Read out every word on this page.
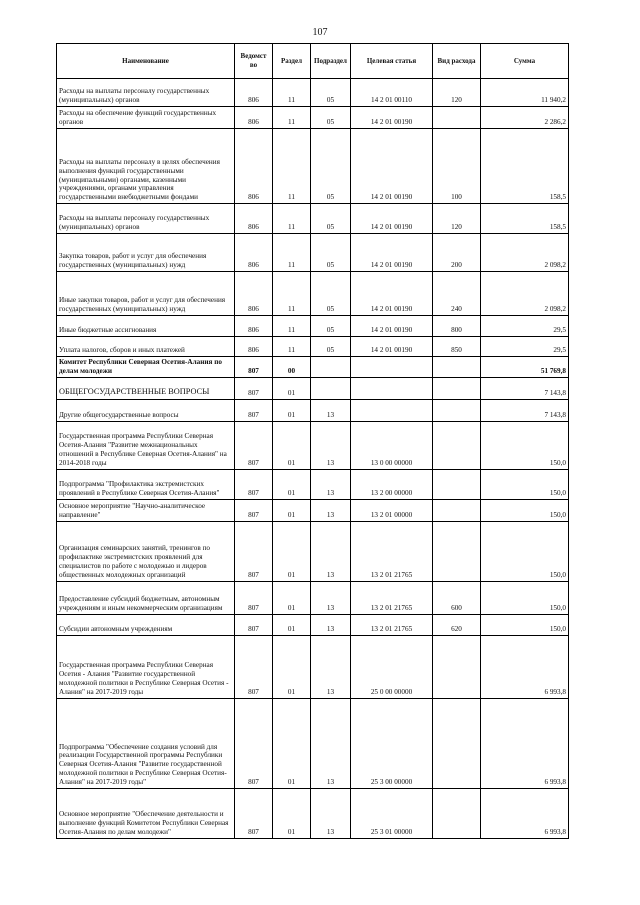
107
Наименование	Ведомст во	Раздел	Подраздел	Целевая статья	Вид расхода	Сумма
Расходы на выплаты персоналу государственных (муниципальных) органов	806	11	05	14 2 01 00110	120	11 940,2
Расходы на обеспечение функций государственных органов	806	11	05	14 2 01 00190		2 286,2
Расходы на выплаты персоналу в целях обеспечения выполнения функций государственными (муниципальными) органами, казенными учреждениями, органами управления государственными внебюджетными фондами	806	11	05	14 2 01 00190	100	158,5
Расходы на выплаты персоналу государственных (муниципальных) органов	806	11	05	14 2 01 00190	120	158,5
Закупка товаров, работ и услуг для обеспечения государственных (муниципальных) нужд	806	11	05	14 2 01 00190	200	2 098,2
Иные закупки товаров, работ и услуг для обеспечения государственных (муниципальных) нужд	806	11	05	14 2 01 00190	240	2 098,2
Иные бюджетные ассигнования	806	11	05	14 2 01 00190	800	29,5
Уплата налогов, сборов и иных платежей	806	11	05	14 2 01 00190	850	29,5
Комитет Республики Северная Осетия-Алания по делам молодежи	807	00				51 769,8
ОБЩЕГОСУДАРСТВЕННЫЕ ВОПРОСЫ	807	01				7 143,8
Другие общегосударственные вопросы	807	01	13			7 143,8
Государственная программа Республики Северная Осетия-Алания "Развитие межнациональных отношений в Республике Северная Осетия-Алания" на 2014-2018 годы	807	01	13	13 0 00 00000		150,0
Подпрограмма "Профилактика экстремистских проявлений в Республике Северная Осетия-Алания"	807	01	13	13 2 00 00000		150,0
Основное мероприятие "Научно-аналитическое направление"	807	01	13	13 2 01 00000		150,0
Организация семинарских занятий, тренингов по профилактике экстремистских проявлений для специалистов по работе с молодежью и лидеров общественных молодежных организаций	807	01	13	13 2 01 21765		150,0
Предоставление субсидий бюджетным, автономным учреждениям и иным некоммерческим организациям	807	01	13	13 2 01 21765	600	150,0
Субсидии автономным учреждениям	807	01	13	13 2 01 21765	620	150,0
Государственная программа Республики Северная Осетия - Алания "Развитие государственной молодежной политики в Республике Северная Осетия - Алания" на 2017-2019 годы	807	01	13	25 0 00 00000		6 993,8
Подпрограмма "Обеспечение создания условий для реализации Государственной программы Республики Северная Осетия-Алания "Развитие государственной молодежной политики в Республике Северная Осетия-Алания" на 2017-2019 годы"	807	01	13	25 3 00 00000		6 993,8
Основное мероприятие "Обеспечение деятельности и выполнение функций Комитетом Республики Северная Осетия-Алания по делам молодежи"	807	01	13	25 3 01 00000		6 993,8
